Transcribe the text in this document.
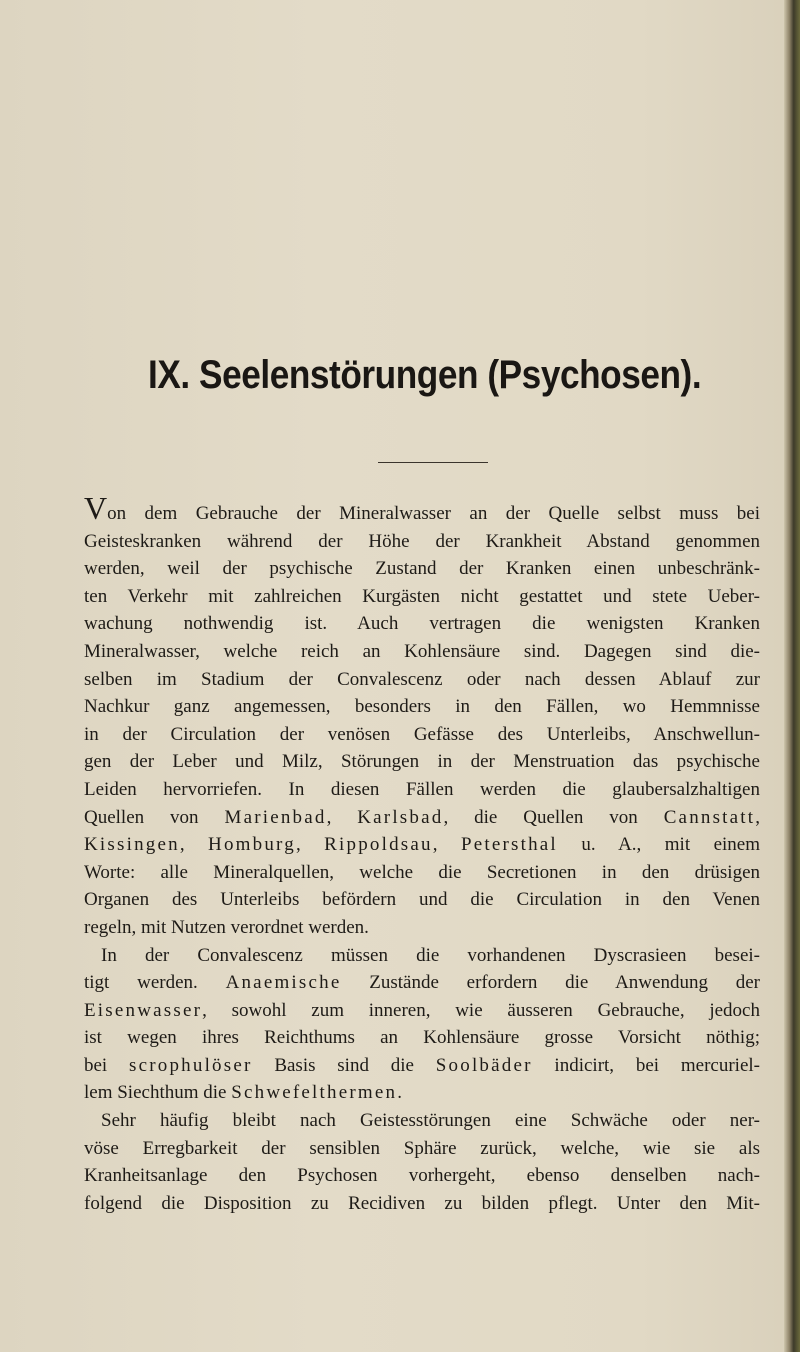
IX. Seelenstörungen (Psychosen).
Von dem Gebrauche der Mineralwasser an der Quelle selbst muss bei
Geisteskranken während der Höhe der Krankheit Abstand genommen
werden, weil der psychische Zustand der Kranken einen unbeschränk-
ten Verkehr mit zahlreichen Kurgästen nicht gestattet und stete Ueber-
wachung nothwendig ist. Auch vertragen die wenigsten Kranken
Mineralwasser, welche reich an Kohlensäure sind. Dagegen sind die-
selben im Stadium der Convalescenz oder nach dessen Ablauf zur
Nachkur ganz angemessen, besonders in den Fällen, wo Hemmnisse
in der Circulation der venösen Gefässe des Unterleibs, Anschwellun-
gen der Leber und Milz, Störungen in der Menstruation das psychische
Leiden hervorriefen. In diesen Fällen werden die glaubersalzhaltigen
Quellen von Marienbad, Karlsbad, die Quellen von Cannstatt,
Kissingen, Homburg, Rippoldsau, Petersthal u. A., mit einem
Worte: alle Mineralquellen, welche die Secretionen in den drüsigen
Organen des Unterleibs befördern und die Circulation in den Venen
regeln, mit Nutzen verordnet werden.
In der Convalescenz müssen die vorhandenen Dyscrasieen besei-
tigt werden. Anaemische Zustände erfordern die Anwendung der
Eisenwasser, sowohl zum inneren, wie äusseren Gebrauche, jedoch
ist wegen ihres Reichthums an Kohlensäure grosse Vorsicht nöthig;
bei scrophulöser Basis sind die Soolbäder indicirt, bei mercuriel-
lem Siechthum die Schwefelthermen.
Sehr häufig bleibt nach Geistesstörungen eine Schwäche oder ner-
vöse Erregbarkeit der sensiblen Sphäre zurück, welche, wie sie als
Kranheitsanlage den Psychosen vorhergeht, ebenso denselben nach-
folgend die Disposition zu Recidiven zu bilden pflegt. Unter den Mit-
